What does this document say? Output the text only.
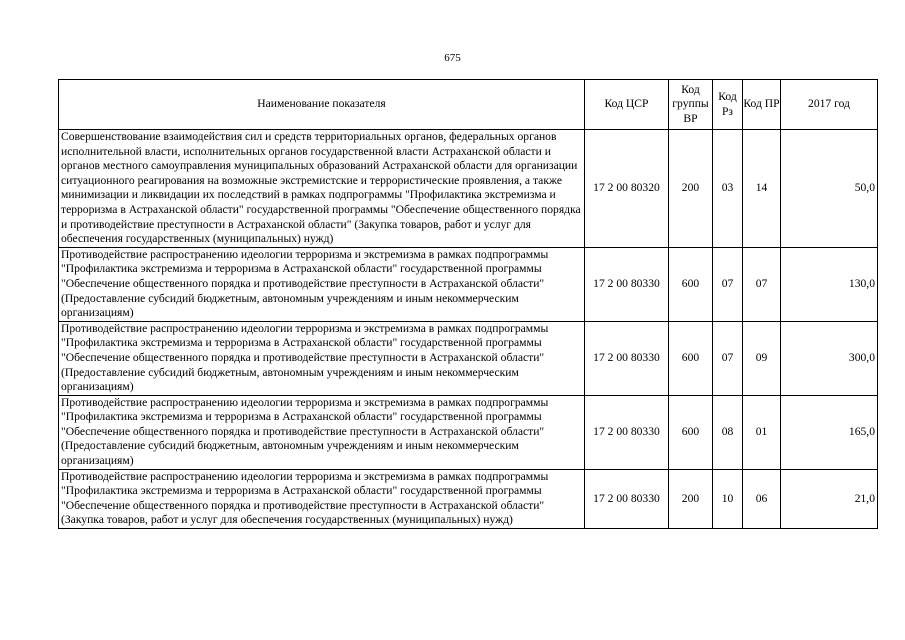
675
Наименование показателя	Код ЦСР	Код группы ВР	Код Рз	Код ПР	2017 год
Совершенствование взаимодействия сил и средств территориальных органов, федеральных органов исполнительной власти, исполнительных органов государственной власти Астраханской области и органов местного самоуправления муниципальных образований Астраханской области для организации ситуационного реагирования на возможные экстремистские и террористические проявления, а также минимизации и ликвидации их последствий в рамках подпрограммы "Профилактика экстремизма и терроризма в Астраханской области" государственной программы "Обеспечение общественного порядка и противодействие преступности в Астраханской области" (Закупка товаров, работ и услуг для обеспечения государственных (муниципальных) нужд)	17 2 00 80320	200	03	14	50,0
Противодействие распространению идеологии терроризма и экстремизма в рамках подпрограммы "Профилактика экстремизма и терроризма в Астраханской области" государственной программы "Обеспечение общественного порядка и противодействие преступности в Астраханской области" (Предоставление субсидий бюджетным, автономным учреждениям и иным некоммерческим организациям)	17 2 00 80330	600	07	07	130,0
Противодействие распространению идеологии терроризма и экстремизма в рамках подпрограммы "Профилактика экстремизма и терроризма в Астраханской области" государственной программы "Обеспечение общественного порядка и противодействие преступности в Астраханской области" (Предоставление субсидий бюджетным, автономным учреждениям и иным некоммерческим организациям)	17 2 00 80330	600	07	09	300,0
Противодействие распространению идеологии терроризма и экстремизма в рамках подпрограммы "Профилактика экстремизма и терроризма в Астраханской области" государственной программы "Обеспечение общественного порядка и противодействие преступности в Астраханской области" (Предоставление субсидий бюджетным, автономным учреждениям и иным некоммерческим организациям)	17 2 00 80330	600	08	01	165,0
Противодействие распространению идеологии терроризма и экстремизма в рамках подпрограммы "Профилактика экстремизма и терроризма в Астраханской области" государственной программы "Обеспечение общественного порядка и противодействие преступности в Астраханской области" (Закупка товаров, работ и услуг для обеспечения государственных (муниципальных) нужд)	17 2 00 80330	200	10	06	21,0
